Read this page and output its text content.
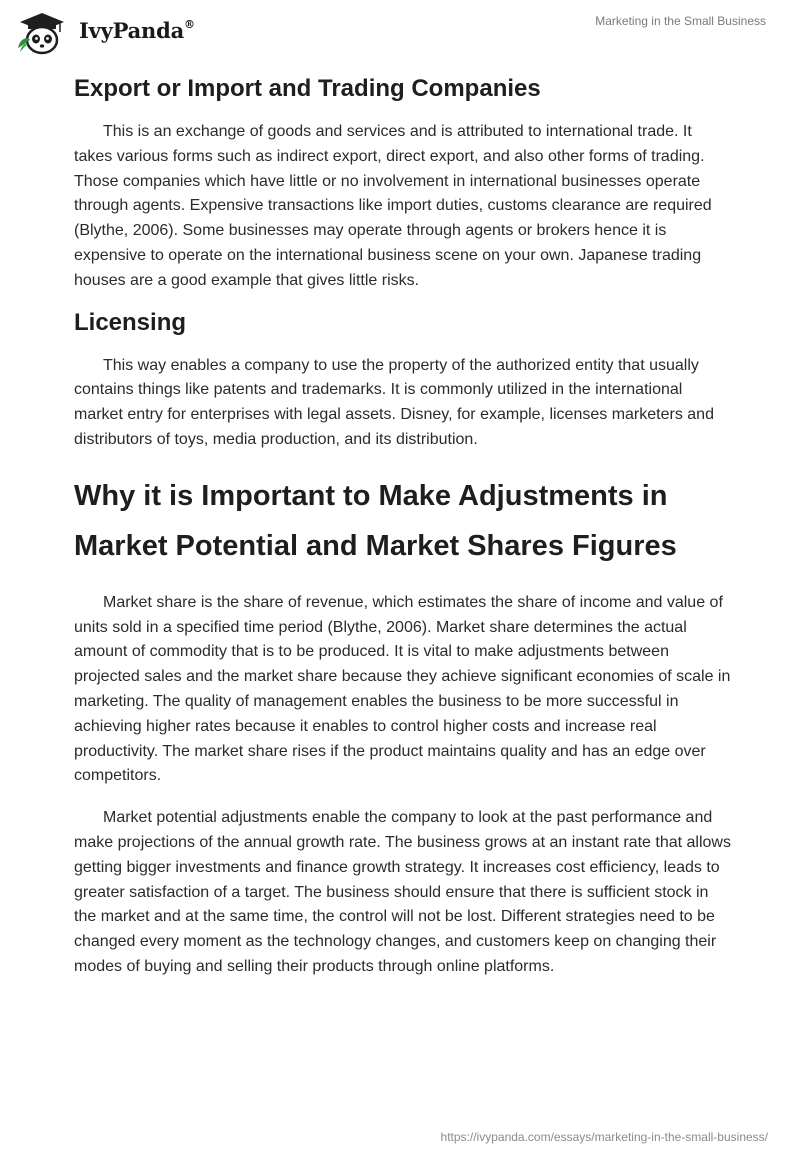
IvyPanda®	Marketing in the Small Business
Export or Import and Trading Companies

This is an exchange of goods and services and is attributed to international trade. It takes various forms such as indirect export, direct export, and also other forms of trading. Those companies which have little or no involvement in international businesses operate through agents. Expensive transactions like import duties, customs clearance are required (Blythe, 2006). Some businesses may operate through agents or brokers hence it is expensive to operate on the international business scene on your own. Japanese trading houses are a good example that gives little risks.

Licensing

This way enables a company to use the property of the authorized entity that usually contains things like patents and trademarks. It is commonly utilized in the international market entry for enterprises with legal assets. Disney, for example, licenses marketers and distributors of toys, media production, and its distribution.

Why it is Important to Make Adjustments in Market Potential and Market Shares Figures

Market share is the share of revenue, which estimates the share of income and value of units sold in a specified time period (Blythe, 2006). Market share determines the actual amount of commodity that is to be produced. It is vital to make adjustments between projected sales and the market share because they achieve significant economies of scale in marketing. The quality of management enables the business to be more successful in achieving higher rates because it enables to control higher costs and increase real productivity. The market share rises if the product maintains quality and has an edge over competitors.

Market potential adjustments enable the company to look at the past performance and make projections of the annual growth rate. The business grows at an instant rate that allows getting bigger investments and finance growth strategy. It increases cost efficiency, leads to greater satisfaction of a target. The business should ensure that there is sufficient stock in the market and at the same time, the control will not be lost. Different strategies need to be changed every moment as the technology changes, and customers keep on changing their modes of buying and selling their products through online platforms.

https://ivypanda.com/essays/marketing-in-the-small-business/
